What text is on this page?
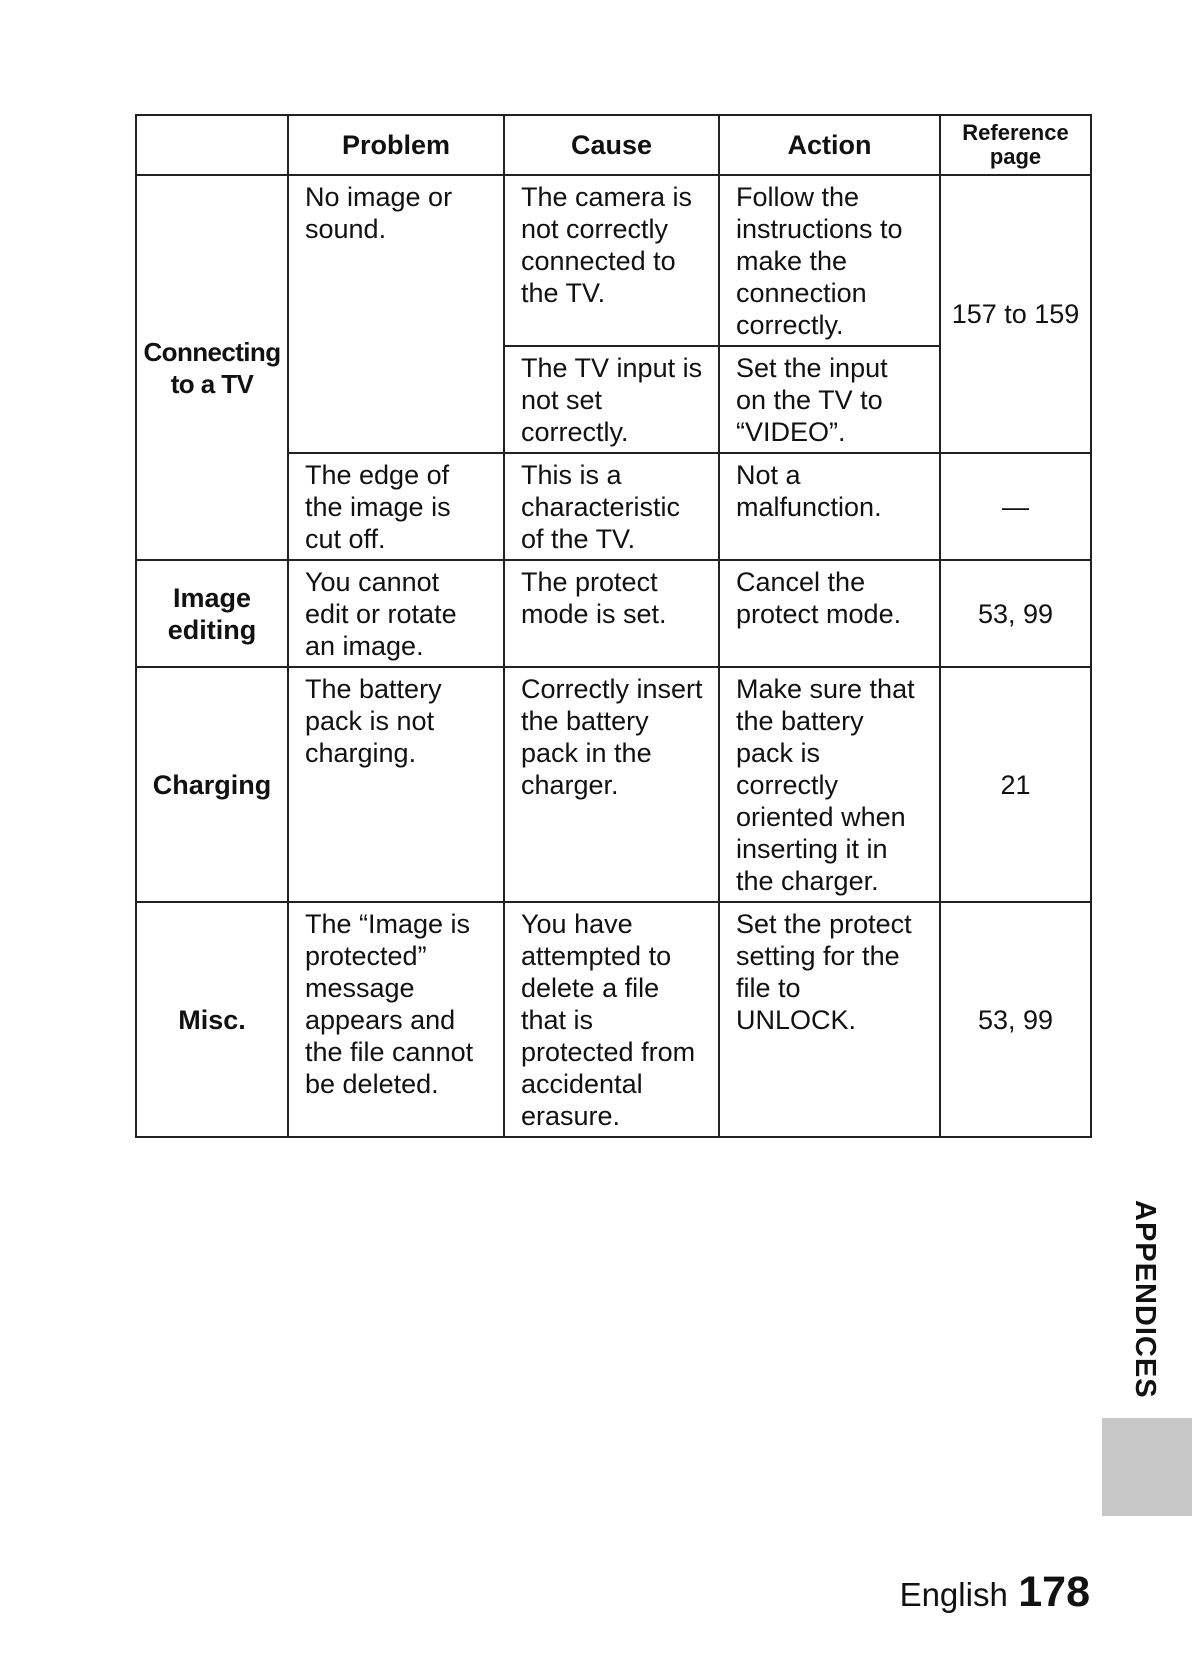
	Problem	Cause	Action	Reference page
Connecting to a TV	No image or sound.	The camera is not correctly connected to the TV.	Follow the instructions to make the connection correctly.	157 to 159
		The TV input is not set correctly.	Set the input on the TV to “VIDEO”.	
	The edge of the image is cut off.	This is a characteristic of the TV.	Not a malfunction.	—
Image editing	You cannot edit or rotate an image.	The protect mode is set.	Cancel the protect mode.	53, 99
Charging	The battery pack is not charging.	Correctly insert the battery pack in the charger.	Make sure that the battery pack is correctly oriented when inserting it in the charger.	21
Misc.	The “Image is protected” message appears and the file cannot be deleted.	You have attempted to delete a file that is protected from accidental erasure.	Set the protect setting for the file to UNLOCK.	53, 99
APPENDICES
English 178
